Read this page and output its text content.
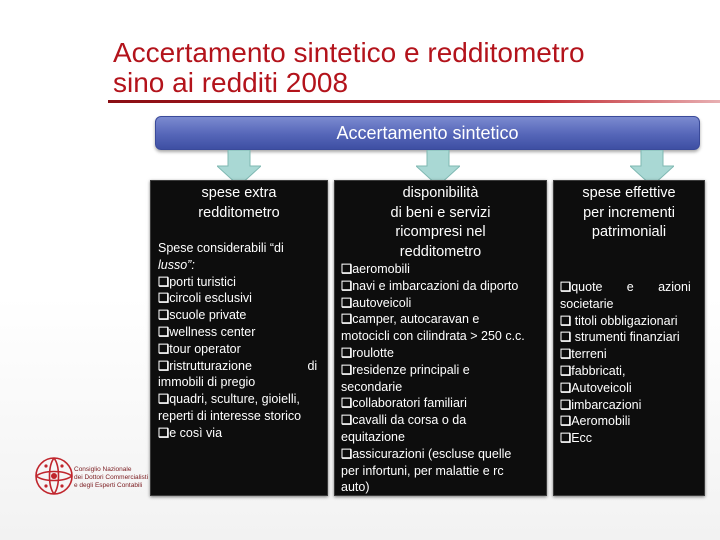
Accertamento sintetico e redditometro
sino ai redditi 2008
Accertamento sintetico
spese extra
redditometro
Spese considerabili “di
lusso”:
❏porti turistici
❏circoli esclusivi
❏scuole private
❏wellness center
❏tour operator
❏ristrutturazione                di
immobili di pregio
❏quadri, sculture, gioielli,
reperti di interesse storico
❏e così via
disponibilità
di beni e servizi
ricompresi nel
redditometro
❏aeromobili
❏navi e imbarcazioni da diporto
❏autoveicoli
❏camper, autocaravan e
motocicli con cilindrata > 250 c.c.
❏roulotte
❏residenze principali e
secondarie
❏collaboratori familiari
❏cavalli da corsa o da
equitazione
❏assicurazioni (escluse quelle
per infortuni, per malattie e rc
auto)
spese effettive
per incrementi
patrimoniali
❏quote       e       azioni
societarie
❏ titoli obbligazionari
❏ strumenti finanziari
❏terreni
❏fabbricati,
❏Autoveicoli
❏imbarcazioni
❏Aeromobili
❏Ecc
Consiglio Nazionale
dei Dottori Commercialisti
e degli Esperti Contabili
